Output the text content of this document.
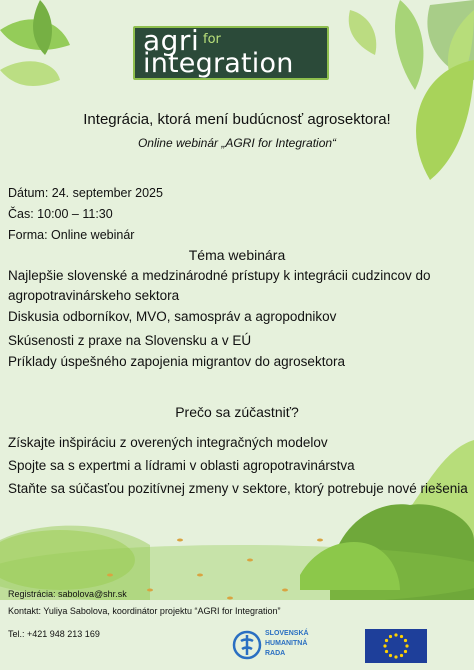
agri for
integration
Integrácia, ktorá mení budúcnosť agrosektora!
Online webinár „AGRI for Integration“
Dátum: 24. september 2025
Čas: 10:00 – 11:30
Forma: Online webinár
Téma webinára
Najlepšie slovenské a medzinárodné prístupy k integrácii cudzincov do agropotravinárskeho sektora
Diskusia odborníkov, MVO, samospráv a agropodnikov
Skúsenosti z praxe na Slovensku a v EÚ
Príklady úspešného zapojenia migrantov do agrosektora
Prečo sa zúčastniť?
Získajte inšpiráciu z overených integračných modelov
Spojte sa s expertmi a lídrami v oblasti agropotravinárstva
Staňte sa súčasťou pozitívnej zmeny v sektore, ktorý potrebuje nové riešenia
Registrácia: sabolova@shr.sk
Kontakt: Yuliya Sabolova, koordinátor projektu “AGRI for Integration”
Tel.: +421 948 213 169	SLOVENSKÁ
HUMANITNÁ
RADA
